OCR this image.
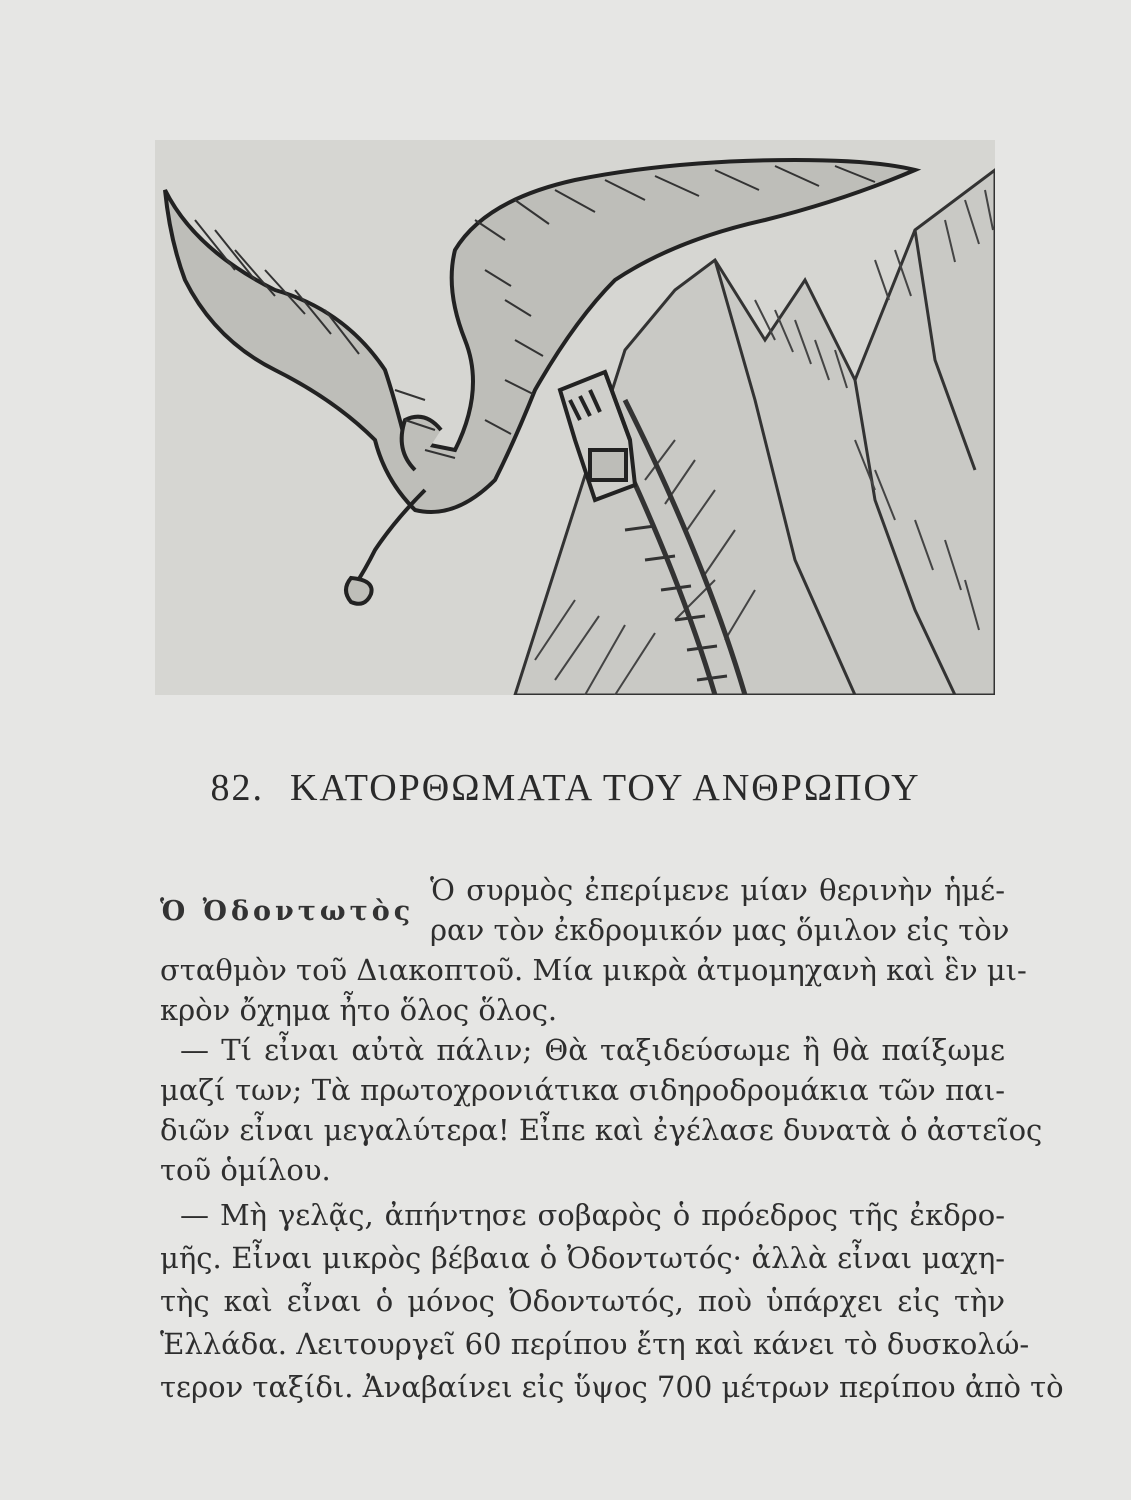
82. ΚΑΤΟΡΘΩΜΑΤΑ ΤΟΥ ΑΝΘΡΩΠΟΥ
Ὁ Ὀδοντωτὸς
Ὁ συρμὸς ἐπερίμενε μίαν θερινὴν ἡμέ-
ραν τὸν ἐκδρομικόν μας ὅμιλον εἰς τὸν
σταθμὸν τοῦ Διακοπτοῦ. Μία μικρὰ ἀτμομηχανὴ καὶ ἓν μι-
κρὸν ὄχημα ἦτο ὅλος ὅλος.
— Τί εἶναι αὐτὰ πάλιν; Θὰ ταξιδεύσωμε ἢ θὰ παίξωμε
μαζί των; Τὰ πρωτοχρονιάτικα σιδηροδρομάκια τῶν παι-
διῶν εἶναι μεγαλύτερα! Εἶπε καὶ ἐγέλασε δυνατὰ ὁ ἀστεῖος
τοῦ ὁμίλου.
— Μὴ γελᾷς, ἀπήντησε σοβαρὸς ὁ πρόεδρος τῆς ἐκδρο-
μῆς. Εἶναι μικρὸς βέβαια ὁ Ὀδοντωτός· ἀλλὰ εἶναι μαχη-
τὴς καὶ εἶναι ὁ μόνος Ὀδοντωτός, ποὺ ὑπάρχει εἰς τὴν
Ἑλλάδα. Λειτουργεῖ 60 περίπου ἔτη καὶ κάνει τὸ δυσκολώ-
τερον ταξίδι. Ἀναβαίνει εἰς ὕψος 700 μέτρων περίπου ἀπὸ τὸ
